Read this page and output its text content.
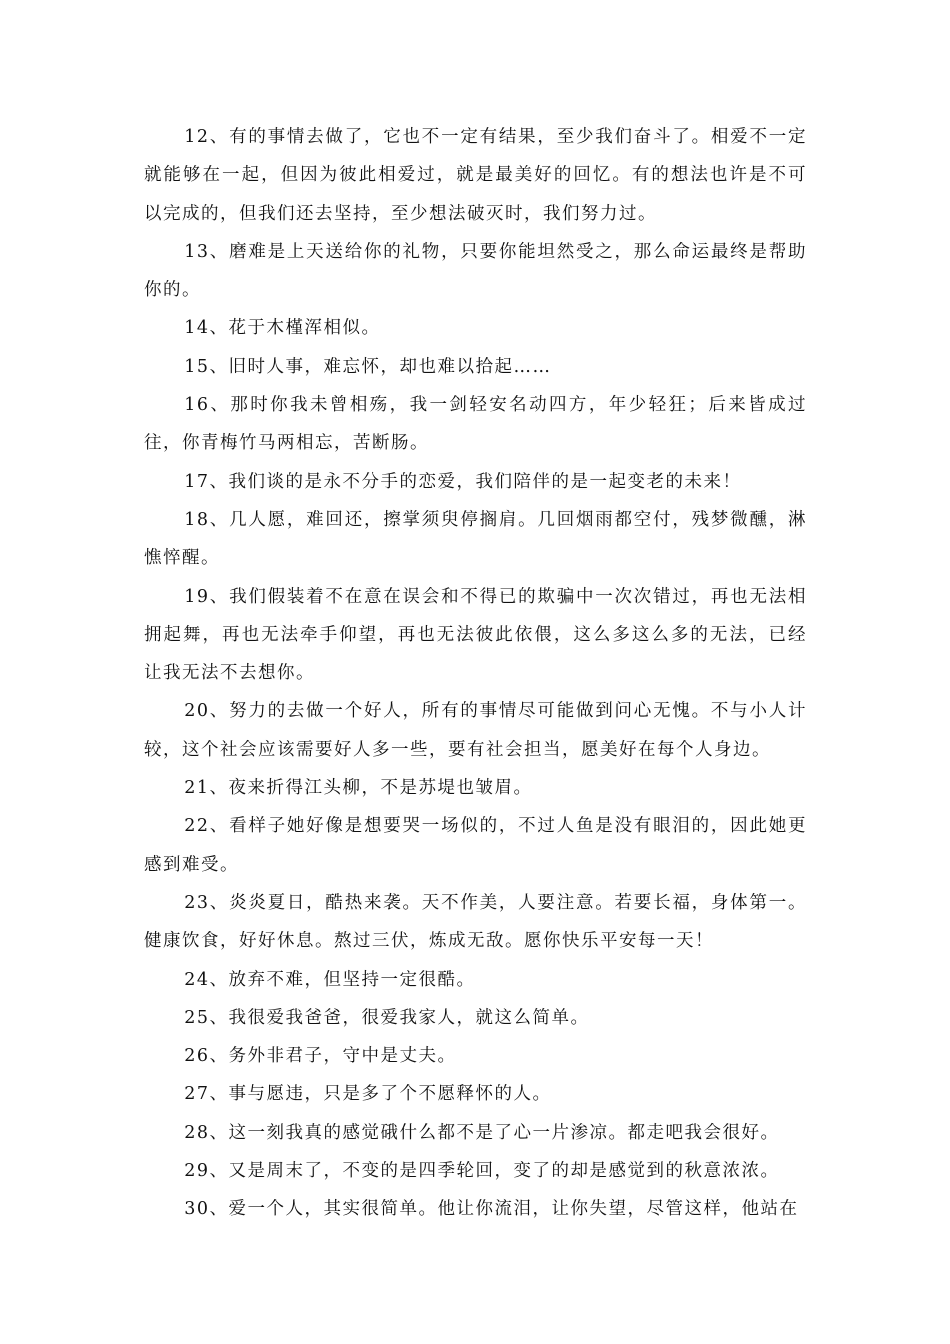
12、有的事情去做了，它也不一定有结果，至少我们奋斗了。相爱不一定就能够在一起，但因为彼此相爱过，就是最美好的回忆。有的想法也许是不可以完成的，但我们还去坚持，至少想法破灭时，我们努力过。

13、磨难是上天送给你的礼物，只要你能坦然受之，那么命运最终是帮助你的。

14、花于木槿浑相似。

15、旧时人事，难忘怀，却也难以拾起……

16、那时你我未曾相殇，我一剑轻安名动四方，年少轻狂；后来皆成过往，你青梅竹马两相忘，苦断肠。

17、我们谈的是永不分手的恋爱，我们陪伴的是一起变老的未来！

18、几人愿，难回还，擦掌须臾停搁肩。几回烟雨都空付，残梦微醺，淋憔悴醒。

19、我们假装着不在意在误会和不得已的欺骗中一次次错过，再也无法相拥起舞，再也无法牵手仰望，再也无法彼此依偎，这么多这么多的无法，已经让我无法不去想你。

20、努力的去做一个好人，所有的事情尽可能做到问心无愧。不与小人计较，这个社会应该需要好人多一些，要有社会担当，愿美好在每个人身边。

21、夜来折得江头柳，不是苏堤也皱眉。

22、看样子她好像是想要哭一场似的，不过人鱼是没有眼泪的，因此她更感到难受。

23、炎炎夏日，酷热来袭。天不作美，人要注意。若要长福，身体第一。健康饮食，好好休息。熬过三伏，炼成无敌。愿你快乐平安每一天！

24、放弃不难，但坚持一定很酷。

25、我很爱我爸爸，很爱我家人，就这么简单。

26、务外非君子，守中是丈夫。

27、事与愿违，只是多了个不愿释怀的人。

28、这一刻我真的感觉硪什么都不是了心一片渗凉。都走吧我会很好。

29、又是周末了，不变的是四季轮回，变了的却是感觉到的秋意浓浓。

30、爱一个人，其实很简单。他让你流泪，让你失望，尽管这样，他站在
